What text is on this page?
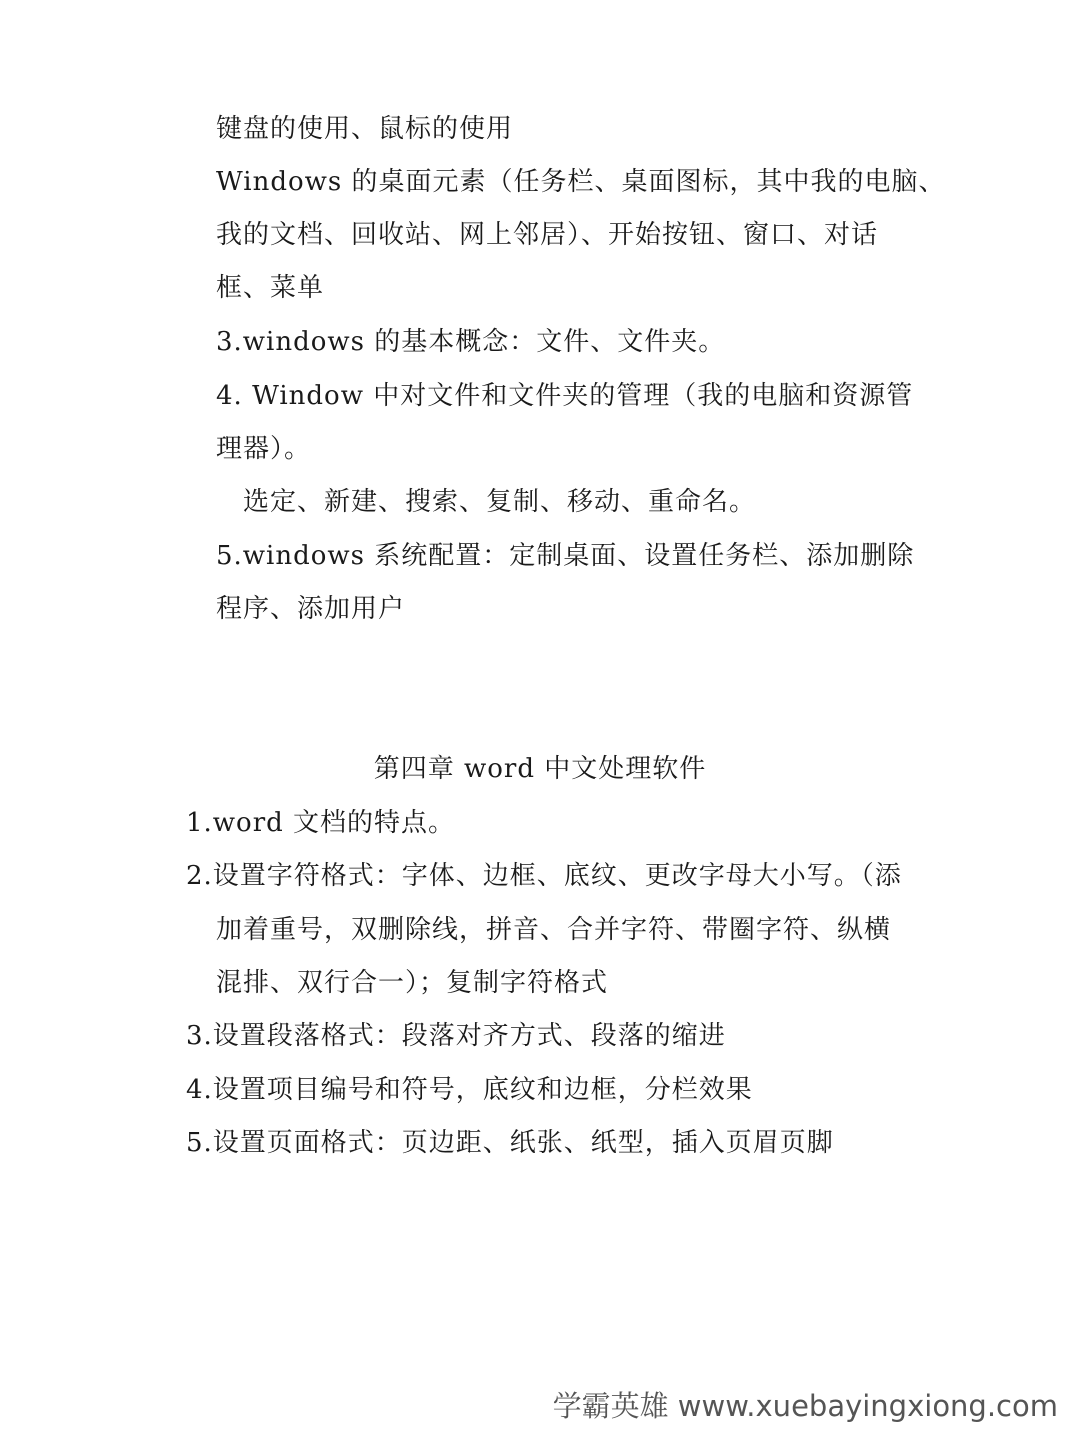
键盘的使用、鼠标的使用
Windows 的桌面元素（任务栏、桌面图标，其中我的电脑、
我的文档、回收站、网上邻居）、开始按钮、窗口、对话
框、菜单
3.windows 的基本概念：文件、文件夹。
4. Window 中对文件和文件夹的管理（我的电脑和资源管
理器）。
选定、新建、搜索、复制、移动、重命名。
5.windows 系统配置：定制桌面、设置任务栏、添加删除
程序、添加用户
第四章 word 中文处理软件
1.word 文档的特点。
2.设置字符格式：字体、边框、底纹、更改字母大小写。（添
加着重号，双删除线，拼音、合并字符、带圈字符、纵横
混排、双行合一）；复制字符格式
3.设置段落格式：段落对齐方式、段落的缩进
4.设置项目编号和符号，底纹和边框，分栏效果
5.设置页面格式：页边距、纸张、纸型，插入页眉页脚
学霸英雄 www.xuebayingxiong.com
